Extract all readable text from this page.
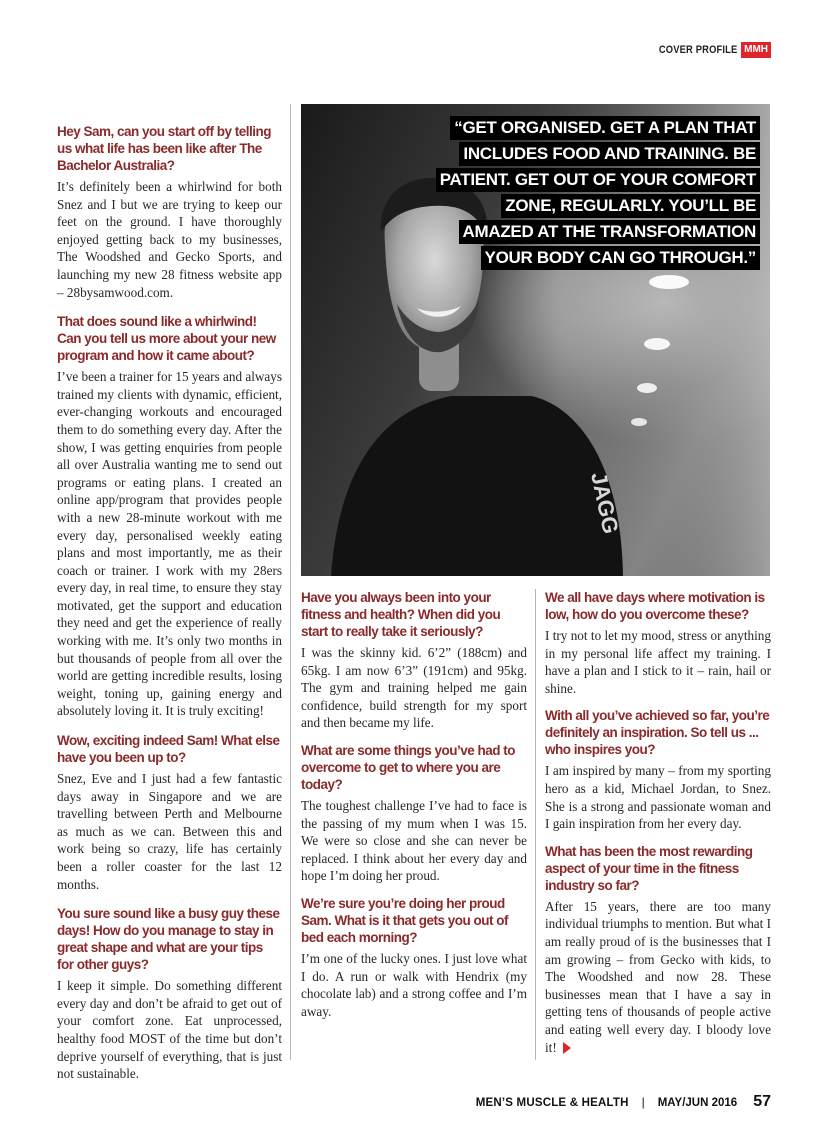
COVER PROFILE MMH
Hey Sam, can you start off by telling us what life has been like after The Bachelor Australia?

It’s definitely been a whirlwind for both Snez and I but we are trying to keep our feet on the ground. I have thoroughly enjoyed getting back to my businesses, The Woodshed and Gecko Sports, and launching my new 28 fitness website app – 28bysamwood.com.

That does sound like a whirlwind! Can you tell us more about your new program and how it came about?

I’ve been a trainer for 15 years and always trained my clients with dynamic, efficient, ever-changing workouts and encouraged them to do something every day. After the show, I was getting enquiries from people all over Australia wanting me to send out programs or eating plans. I created an online app/program that provides people with a new 28-minute workout with me every day, personalised weekly eating plans and most importantly, me as their coach or trainer. I work with my 28ers every day, in real time, to ensure they stay motivated, get the support and education they need and get the experience of really working with me. It’s only two months in but thousands of people from all over the world are getting incredible results, losing weight, toning up, gaining energy and absolutely loving it. It is truly exciting!

Wow, exciting indeed Sam! What else have you been up to?

Snez, Eve and I just had a few fantastic days away in Singapore and we are travelling between Perth and Melbourne as much as we can. Between this and work being so crazy, life has certainly been a roller coaster for the last 12 months.

You sure sound like a busy guy these days! How do you manage to stay in great shape and what are your tips for other guys?

I keep it simple. Do something different every day and don’t be afraid to get out of your comfort zone. Eat unprocessed, healthy food MOST of the time but don’t deprive yourself of everything, that is just not sustainable.

JAGG
“GET ORGANISED. GET A PLAN THAT
INCLUDES FOOD AND TRAINING. BE
PATIENT. GET OUT OF YOUR COMFORT
ZONE, REGULARLY. YOU’LL BE
AMAZED AT THE TRANSFORMATION
YOUR BODY CAN GO THROUGH.”
Have you always been into your fitness and health? When did you start to really take it seriously?

I was the skinny kid. 6’2” (188cm) and 65kg. I am now 6’3” (191cm) and 95kg. The gym and training helped me gain confidence, build strength for my sport and then became my life.

What are some things you’ve had to overcome to get to where you are today?

The toughest challenge I’ve had to face is the passing of my mum when I was 15. We were so close and she can never be replaced. I think about her every day and hope I’m doing her proud.

We’re sure you’re doing her proud Sam. What is it that gets you out of bed each morning?

I’m one of the lucky ones. I just love what I do. A run or walk with Hendrix (my chocolate lab) and a strong coffee and I’m away.

We all have days where motivation is low, how do you overcome these?

I try not to let my mood, stress or anything in my personal life affect my training. I have a plan and I stick to it – rain, hail or shine.

With all you’ve achieved so far, you’re definitely an inspiration. So tell us ... who inspires you?

I am inspired by many – from my sporting hero as a kid, Michael Jordan, to Snez. She is a strong and passionate woman and I gain inspiration from her every day.

What has been the most rewarding aspect of your time in the fitness industry so far?

After 15 years, there are too many individual triumphs to mention. But what I am really proud of is the businesses that I am growing – from Gecko with kids, to The Woodshed and now 28. These businesses mean that I have a say in getting tens of thousands of people active and eating well every day. I bloody love it!

MEN’S MUSCLE & HEALTH | MAY/JUN 2016 57
